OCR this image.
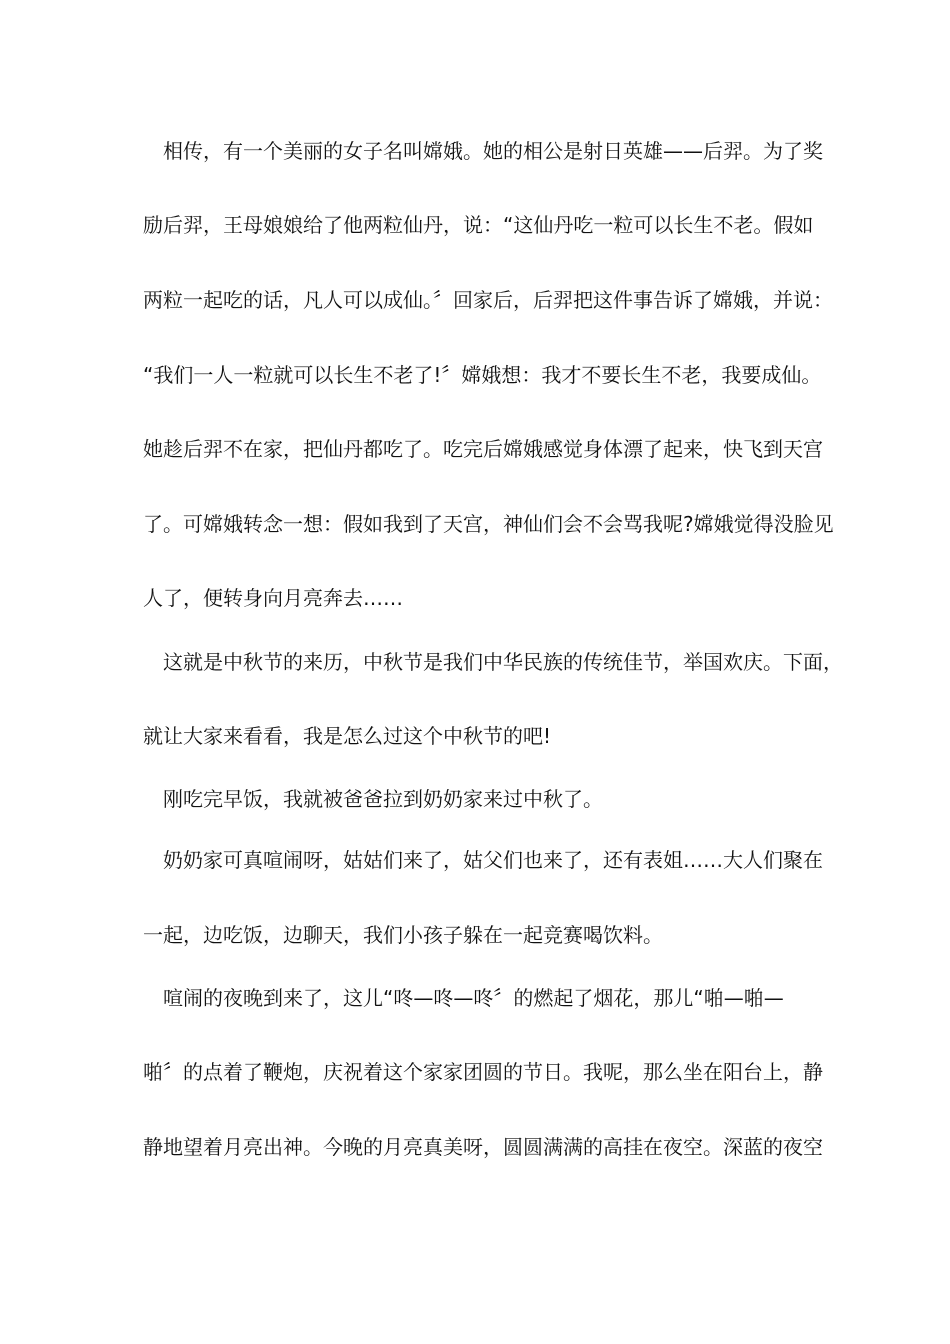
相传，有一个美丽的女子名叫嫦娥。她的相公是射日英雄——后羿。为了奖
励后羿，王母娘娘给了他两粒仙丹，说：“这仙丹吃一粒可以长生不老。假如
两粒一起吃的话，凡人可以成仙。〞回家后，后羿把这件事告诉了嫦娥，并说：
“我们一人一粒就可以长生不老了!〞嫦娥想：我才不要长生不老，我要成仙。
她趁后羿不在家，把仙丹都吃了。吃完后嫦娥感觉身体漂了起来，快飞到天宫
了。可嫦娥转念一想：假如我到了天宫，神仙们会不会骂我呢?嫦娥觉得没脸见
人了，便转身向月亮奔去……
这就是中秋节的来历，中秋节是我们中华民族的传统佳节，举国欢庆。下面，
就让大家来看看，我是怎么过这个中秋节的吧!
刚吃完早饭，我就被爸爸拉到奶奶家来过中秋了。
奶奶家可真喧闹呀，姑姑们来了，姑父们也来了，还有表姐……大人们聚在
一起，边吃饭，边聊天，我们小孩子躲在一起竞赛喝饮料。
喧闹的夜晚到来了，这儿“咚—咚—咚〞的燃起了烟花，那儿“啪—啪—
啪〞的点着了鞭炮，庆祝着这个家家团圆的节日。我呢，那么坐在阳台上，静
静地望着月亮出神。今晚的月亮真美呀，圆圆满满的高挂在夜空。深蓝的夜空
